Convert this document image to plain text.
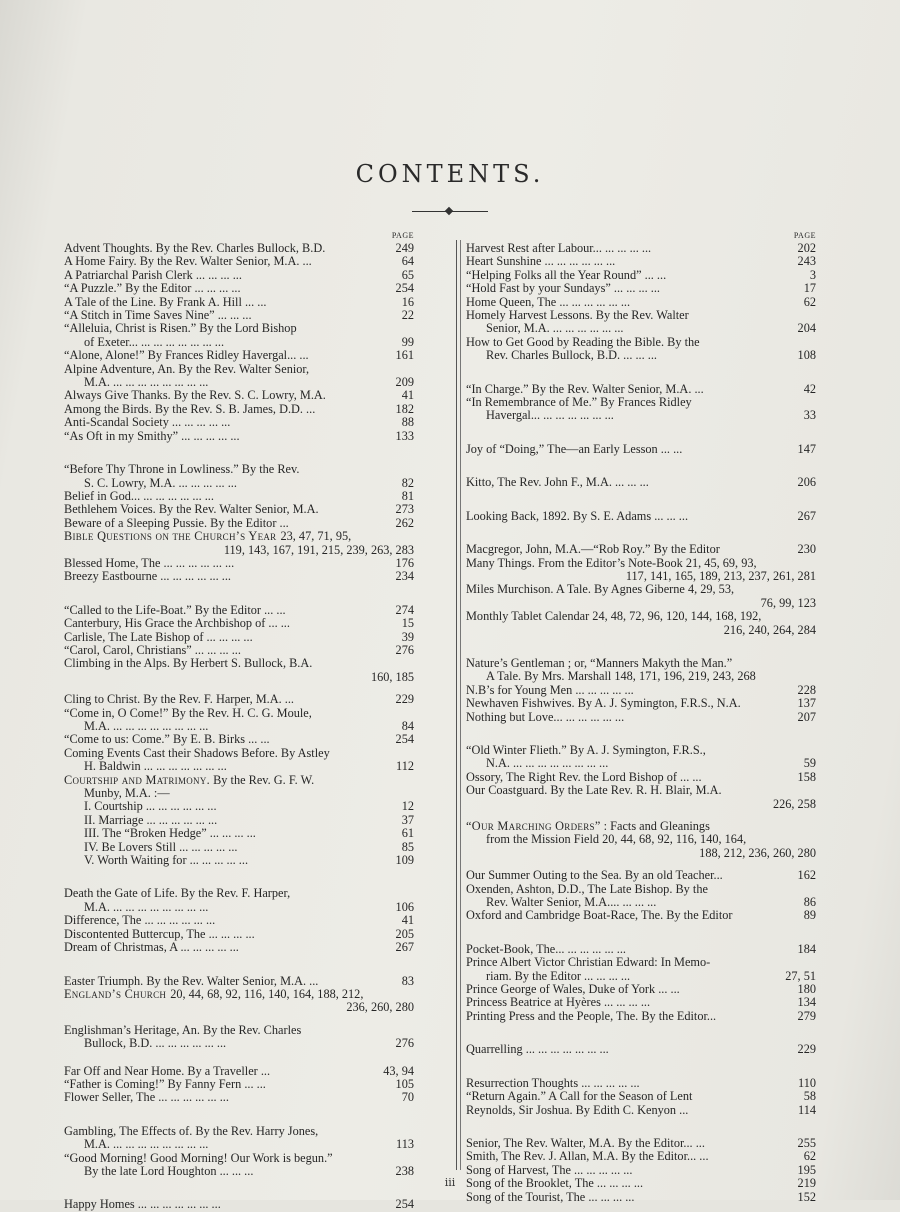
CONTENTS.
PAGE
Advent Thoughts. By the Rev. Charles Bullock, B.D.	249
A Home Fairy. By the Rev. Walter Senior, M.A. ...	64
A Patriarchal Parish Clerk ... ... ... ...	65
“A Puzzle.” By the Editor ... ... ... ...	254
A Tale of the Line. By Frank A. Hill ... ...	16
“A Stitch in Time Saves Nine” ... ... ...	22
“Alleluia, Christ is Risen.” By the Lord Bishop
of Exeter... ... ... ... ... ... ... ...	99
“Alone, Alone!” By Frances Ridley Havergal... ...	161
Alpine Adventure, An. By the Rev. Walter Senior,
M.A. ... ... ... ... ... ... ... ...	209
Always Give Thanks. By the Rev. S. C. Lowry, M.A.	41
Among the Birds. By the Rev. S. B. James, D.D. ...	182
Anti-Scandal Society ... ... ... ... ...	88
“As Oft in my Smithy” ... ... ... ... ...	133
“Before Thy Throne in Lowliness.” By the Rev.
S. C. Lowry, M.A. ... ... ... ... ...	82
Belief in God... ... ... ... ... ... ...	81
Bethlehem Voices. By the Rev. Walter Senior, M.A.	273
Beware of a Sleeping Pussie. By the Editor ...	262
Bible Questions on the Church’s Year 23, 47, 71, 95,
119, 143, 167, 191, 215, 239, 263, 283
Blessed Home, The ... ... ... ... ... ...	176
Breezy Eastbourne ... ... ... ... ... ...	234
“Called to the Life-Boat.” By the Editor ... ...	274
Canterbury, His Grace the Archbishop of ... ...	15
Carlisle, The Late Bishop of ... ... ... ...	39
“Carol, Carol, Christians” ... ... ... ...	276
Climbing in the Alps. By Herbert S. Bullock, B.A.
160, 185
Cling to Christ. By the Rev. F. Harper, M.A. ...	229
“Come in, O Come!” By the Rev. H. C. G. Moule,
M.A. ... ... ... ... ... ... ... ...	84
“Come to us: Come.” By E. B. Birks ... ...	254
Coming Events Cast their Shadows Before. By Astley
H. Baldwin ... ... ... ... ... ... ...	112
Courtship and Matrimony. By the Rev. G. F. W.
Munby, M.A. :—
I. Courtship ... ... ... ... ... ...	12
II. Marriage ... ... ... ... ... ...	37
III. The “Broken Hedge” ... ... ... ...	61
IV. Be Lovers Still ... ... ... ... ...	85
V. Worth Waiting for ... ... ... ... ...	109
Death the Gate of Life. By the Rev. F. Harper,
M.A. ... ... ... ... ... ... ... ...	106
Difference, The ... ... ... ... ... ...	41
Discontented Buttercup, The ... ... ... ...	205
Dream of Christmas, A ... ... ... ... ...	267
Easter Triumph. By the Rev. Walter Senior, M.A. ...	83
England’s Church 20, 44, 68, 92, 116, 140, 164, 188, 212,
236, 260, 280
Englishman’s Heritage, An. By the Rev. Charles
Bullock, B.D. ... ... ... ... ... ...	276
Far Off and Near Home. By a Traveller ...	43, 94
“Father is Coming!” By Fanny Fern ... ...	105
Flower Seller, The ... ... ... ... ... ...	70
Gambling, The Effects of. By the Rev. Harry Jones,
M.A. ... ... ... ... ... ... ... ...	113
“Good Morning! Good Morning! Our Work is begun.”
By the late Lord Houghton ... ... ...	238
Happy Homes ... ... ... ... ... ... ...	254
PAGE
Harvest Rest after Labour... ... ... ... ...	202
Heart Sunshine ... ... ... ... ... ...	243
“Helping Folks all the Year Round” ... ...	3
“Hold Fast by your Sundays” ... ... ... ...	17
Home Queen, The ... ... ... ... ... ...	62
Homely Harvest Lessons. By the Rev. Walter
Senior, M.A. ... ... ... ... ... ...	204
How to Get Good by Reading the Bible. By the
Rev. Charles Bullock, B.D. ... ... ...	108
“In Charge.” By the Rev. Walter Senior, M.A. ...	42
“In Remembrance of Me.” By Frances Ridley
Havergal... ... ... ... ... ... ...	33
Joy of “Doing,” The—an Early Lesson ... ...	147
Kitto, The Rev. John F., M.A. ... ... ...	206
Looking Back, 1892. By S. E. Adams ... ... ...	267
Macgregor, John, M.A.—“Rob Roy.” By the Editor	230
Many Things. From the Editor’s Note-Book 21, 45, 69, 93,
117, 141, 165, 189, 213, 237, 261, 281
Miles Murchison. A Tale. By Agnes Giberne 4, 29, 53,
76, 99, 123
Monthly Tablet Calendar 24, 48, 72, 96, 120, 144, 168, 192,
216, 240, 264, 284
Nature’s Gentleman ; or, “Manners Makyth the Man.”
A Tale. By Mrs. Marshall 148, 171, 196, 219, 243, 268
N.B’s for Young Men ... ... ... ... ...	228
Newhaven Fishwives. By A. J. Symington, F.R.S., N.A.	137
Nothing but Love... ... ... ... ... ...	207
“Old Winter Flieth.” By A. J. Symington, F.R.S.,
N.A. ... ... ... ... ... ... ... ...	59
Ossory, The Right Rev. the Lord Bishop of ... ...	158
Our Coastguard. By the Late Rev. R. H. Blair, M.A.
226, 258
“Our Marching Orders” : Facts and Gleanings
from the Mission Field 20, 44, 68, 92, 116, 140, 164,
188, 212, 236, 260, 280
Our Summer Outing to the Sea. By an old Teacher...	162
Oxenden, Ashton, D.D., The Late Bishop. By the
Rev. Walter Senior, M.A.... ... ... ...	86
Oxford and Cambridge Boat-Race, The. By the Editor	89
Pocket-Book, The... ... ... ... ... ...	184
Prince Albert Victor Christian Edward: In Memo-
riam. By the Editor ... ... ... ...	27, 51
Prince George of Wales, Duke of York ... ...	180
Princess Beatrice at Hyères ... ... ... ...	134
Printing Press and the People, The. By the Editor...	279
Quarrelling ... ... ... ... ... ... ...	229
Resurrection Thoughts ... ... ... ... ...	110
“Return Again.” A Call for the Season of Lent	58
Reynolds, Sir Joshua. By Edith C. Kenyon ...	114
Senior, The Rev. Walter, M.A. By the Editor... ...	255
Smith, The Rev. J. Allan, M.A. By the Editor... ...	62
Song of Harvest, The ... ... ... ... ...	195
Song of the Brooklet, The ... ... ... ...	219
Song of the Tourist, The ... ... ... ...	152
iii
